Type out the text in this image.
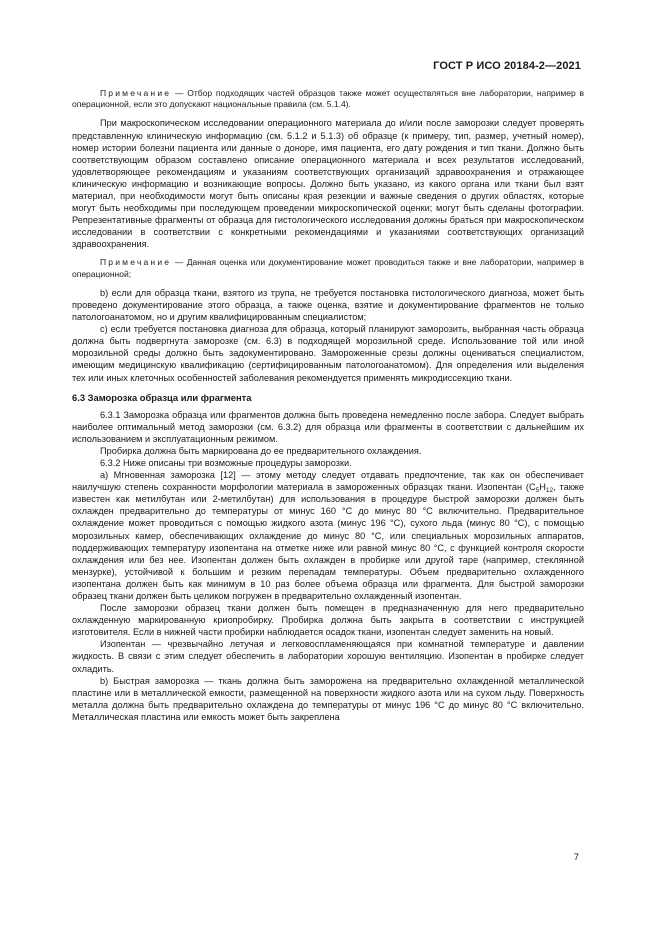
ГОСТ Р ИСО 20184-2—2021

Примечание — Отбор подходящих частей образцов также может осуществляться вне лаборатории, например в операционной, если это допускают национальные правила (см. 5.1.4).

При макроскопическом исследовании операционного материала до и/или после заморозки следует проверять представленную клиническую информацию (см. 5.1.2 и 5.1.3) об образце (к примеру, тип, размер, учетный номер), номер истории болезни пациента или данные о доноре, имя пациента, его дату рождения и тип ткани. Должно быть соответствующим образом составлено описание операционного материала и всех результатов исследований, удовлетворяющее рекомендациям и указаниям соответствующих организаций здравоохранения и отражающее клиническую информацию и возникающие вопросы. Должно быть указано, из какого органа или ткани был взят материал, при необходимости могут быть описаны края резекции и важные сведения о других областях, которые могут быть необходимы при последующем проведении микроскопической оценки; могут быть сделаны фотографии. Репрезентативные фрагменты от образца для гистологического исследования должны браться при макроскопическом исследовании в соответствии с конкретными рекомендациями и указаниями соответствующих организаций здравоохранения.

Примечание — Данная оценка или документирование может проводиться также и вне лаборатории, например в операционной;

b) если для образца ткани, взятого из трупа, не требуется постановка гистологического диагноза, может быть проведено документирование этого образца, а также оценка, взятие и документирование фрагментов не только патологоанатомом, но и другим квалифицированным специалистом;

c) если требуется постановка диагноза для образца, который планируют заморозить, выбранная часть образца должна быть подвергнута заморозке (см. 6.3) в подходящей морозильной среде. Использование той или иной морозильной среды должно быть задокументировано. Замороженные срезы должны оцениваться специалистом, имеющим медицинскую квалификацию (сертифицированным патологоанатомом). Для определения или выделения тех или иных клеточных особенностей заболевания рекомендуется применять микродиссекцию ткани.

6.3 Заморозка образца или фрагмента

6.3.1 Заморозка образца или фрагментов должна быть проведена немедленно после забора. Следует выбрать наиболее оптимальный метод заморозки (см. 6.3.2) для образца или фрагменты в соответствии с дальнейшим их использованием и эксплуатационным режимом.

Пробирка должна быть маркирована до ее предварительного охлаждения.

6.3.2 Ниже описаны три возможные процедуры заморозки.

a) Мгновенная заморозка [12] — этому методу следует отдавать предпочтение, так как он обеспечивает наилучшую степень сохранности морфологии материала в замороженных образцах ткани. Изопентан ($C_5H_{12}$, также известен как метилбутан или 2-метилбутан) для использования в процедуре быстрой заморозки должен быть охлажден предварительно до температуры от минус 160 °C до минус 80 °C включительно. Предварительное охлаждение может проводиться с помощью жидкого азота (минус 196 °C), сухого льда (минус 80 °C), с помощью морозильных камер, обеспечивающих охлаждение до минус 80 °C, или специальных морозильных аппаратов, поддерживающих температуру изопентана на отметке ниже или равной минус 80 °C, с функцией контроля скорости охлаждения или без нее. Изопентан должен быть охлажден в пробирке или другой таре (например, стеклянной мензурке), устойчивой к большим и резким перепадам температуры. Объем предварительно охлажденного изопентана должен быть как минимум в 10 раз более объема образца или фрагмента. Для быстрой заморозки образец ткани должен быть целиком погружен в предварительно охлажденный изопентан.

После заморозки образец ткани должен быть помещен в предназначенную для него предварительно охлажденную маркированную криопробирку. Пробирка должна быть закрыта в соответствии с инструкцией изготовителя. Если в нижней части пробирки наблюдается осадок ткани, изопентан следует заменить на новый.

Изопентан — чрезвычайно летучая и легковоспламеняющаяся при комнатной температуре и давлении жидкость. В связи с этим следует обеспечить в лаборатории хорошую вентиляцию. Изопентан в пробирке следует охладить.

b) Быстрая заморозка — ткань должна быть заморожена на предварительно охлажденной металлической пластине или в металлической емкости, размещенной на поверхности жидкого азота или на сухом льду. Поверхность металла должна быть предварительно охлаждена до температуры от минус 196 °C до минус 80 °C включительно. Металлическая пластина или емкость может быть закреплена

7
